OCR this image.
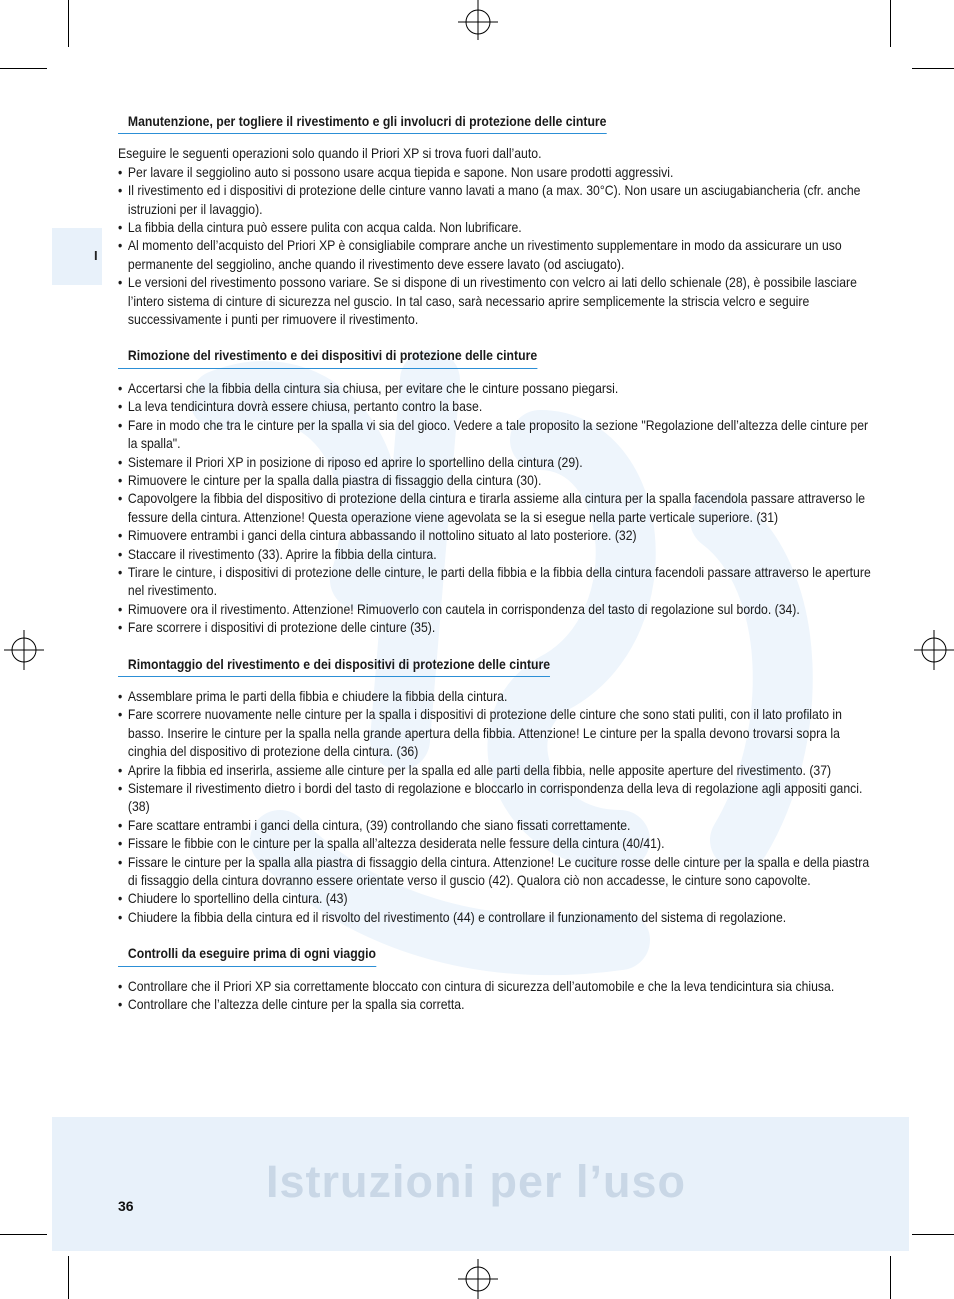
I
Manutenzione, per togliere il rivestimento e gli involucri di protezione delle cinture

Eseguire le seguenti operazioni solo quando il Priori XP si trova fuori dall’auto.

• Per lavare il seggiolino auto si possono usare acqua tiepida e sapone. Non usare prodotti aggressivi.
• Il rivestimento ed i dispositivi di protezione delle cinture vanno lavati a mano (a max. 30°C). Non usare un asciugabiancheria (cfr. anche istruzioni per il lavaggio).
• La fibbia della cintura può essere pulita con acqua calda. Non lubrificare.
• Al momento dell’acquisto del Priori XP è consigliabile comprare anche un rivestimento supplementare in modo da assicurare un uso permanente del seggiolino, anche quando il rivestimento deve essere lavato (od asciugato).
• Le versioni del rivestimento possono variare. Se si dispone di un rivestimento con velcro ai lati dello schienale (28), è possibile lasciare l’intero sistema di cinture di sicurezza nel guscio. In tal caso, sarà necessario aprire semplicemente la striscia velcro e seguire successivamente i punti per rimuovere il rivestimento.
Rimozione del rivestimento e dei dispositivi di protezione delle cinture
• Accertarsi che la fibbia della cintura sia chiusa, per evitare che le cinture possano piegarsi.
• La leva tendicintura dovrà essere chiusa, pertanto contro la base.
• Fare in modo che tra le cinture per la spalla vi sia del gioco. Vedere a tale proposito la sezione "Regolazione dell’altezza delle cinture per la spalla".
• Sistemare il Priori XP in posizione di riposo ed aprire lo sportellino della cintura (29).
• Rimuovere le cinture per la spalla dalla piastra di fissaggio della cintura (30).
• Capovolgere la fibbia del dispositivo di protezione della cintura e tirarla assieme alla cintura per la spalla facendola passare attraverso le fessure della cintura. Attenzione! Questa operazione viene agevolata se la si esegue nella parte verticale superiore. (31)
• Rimuovere entrambi i ganci della cintura abbassando il nottolino situato al lato posteriore. (32)
• Staccare il rivestimento (33). Aprire la fibbia della cintura.
• Tirare le cinture, i dispositivi di protezione delle cinture, le parti della fibbia e la fibbia della cintura facendoli passare attraverso le aperture nel rivestimento.
• Rimuovere ora il rivestimento. Attenzione! Rimuoverlo con cautela in corrispondenza del tasto di regolazione sul bordo. (34).
• Fare scorrere i dispositivi di protezione delle cinture (35).
Rimontaggio del rivestimento e dei dispositivi di protezione delle cinture
• Assemblare prima le parti della fibbia e chiudere la fibbia della cintura.
• Fare scorrere nuovamente nelle cinture per la spalla i dispositivi di protezione delle cinture che sono stati puliti, con il lato profilato in basso. Inserire le cinture per la spalla nella grande apertura della fibbia. Attenzione! Le cinture per la spalla devono trovarsi sopra la cinghia del dispositivo di protezione della cintura. (36)
• Aprire la fibbia ed inserirla, assieme alle cinture per la spalla ed alle parti della fibbia, nelle apposite aperture del rivestimento. (37)
• Sistemare il rivestimento dietro i bordi del tasto di regolazione e bloccarlo in corrispondenza della leva di regolazione agli appositi ganci. (38)
• Fare scattare entrambi i ganci della cintura, (39) controllando che siano fissati correttamente.
• Fissare le fibbie con le cinture per la spalla all’altezza desiderata nelle fessure della cintura (40/41).
• Fissare le cinture per la spalla alla piastra di fissaggio della cintura. Attenzione! Le cuciture rosse delle cinture per la spalla e della piastra di fissaggio della cintura dovranno essere orientate verso il guscio (42). Qualora ciò non accadesse, le cinture sono capovolte.
• Chiudere lo sportellino della cintura. (43)
• Chiudere la fibbia della cintura ed il risvolto del rivestimento (44) e controllare il funzionamento del sistema di regolazione.
Controlli da eseguire prima di ogni viaggio
• Controllare che il Priori XP sia correttamente bloccato con cintura di sicurezza dell’automobile e che la leva tendicintura sia chiusa.
• Controllare che l’altezza delle cinture per la spalla sia corretta.
Istruzioni per l’uso
36
